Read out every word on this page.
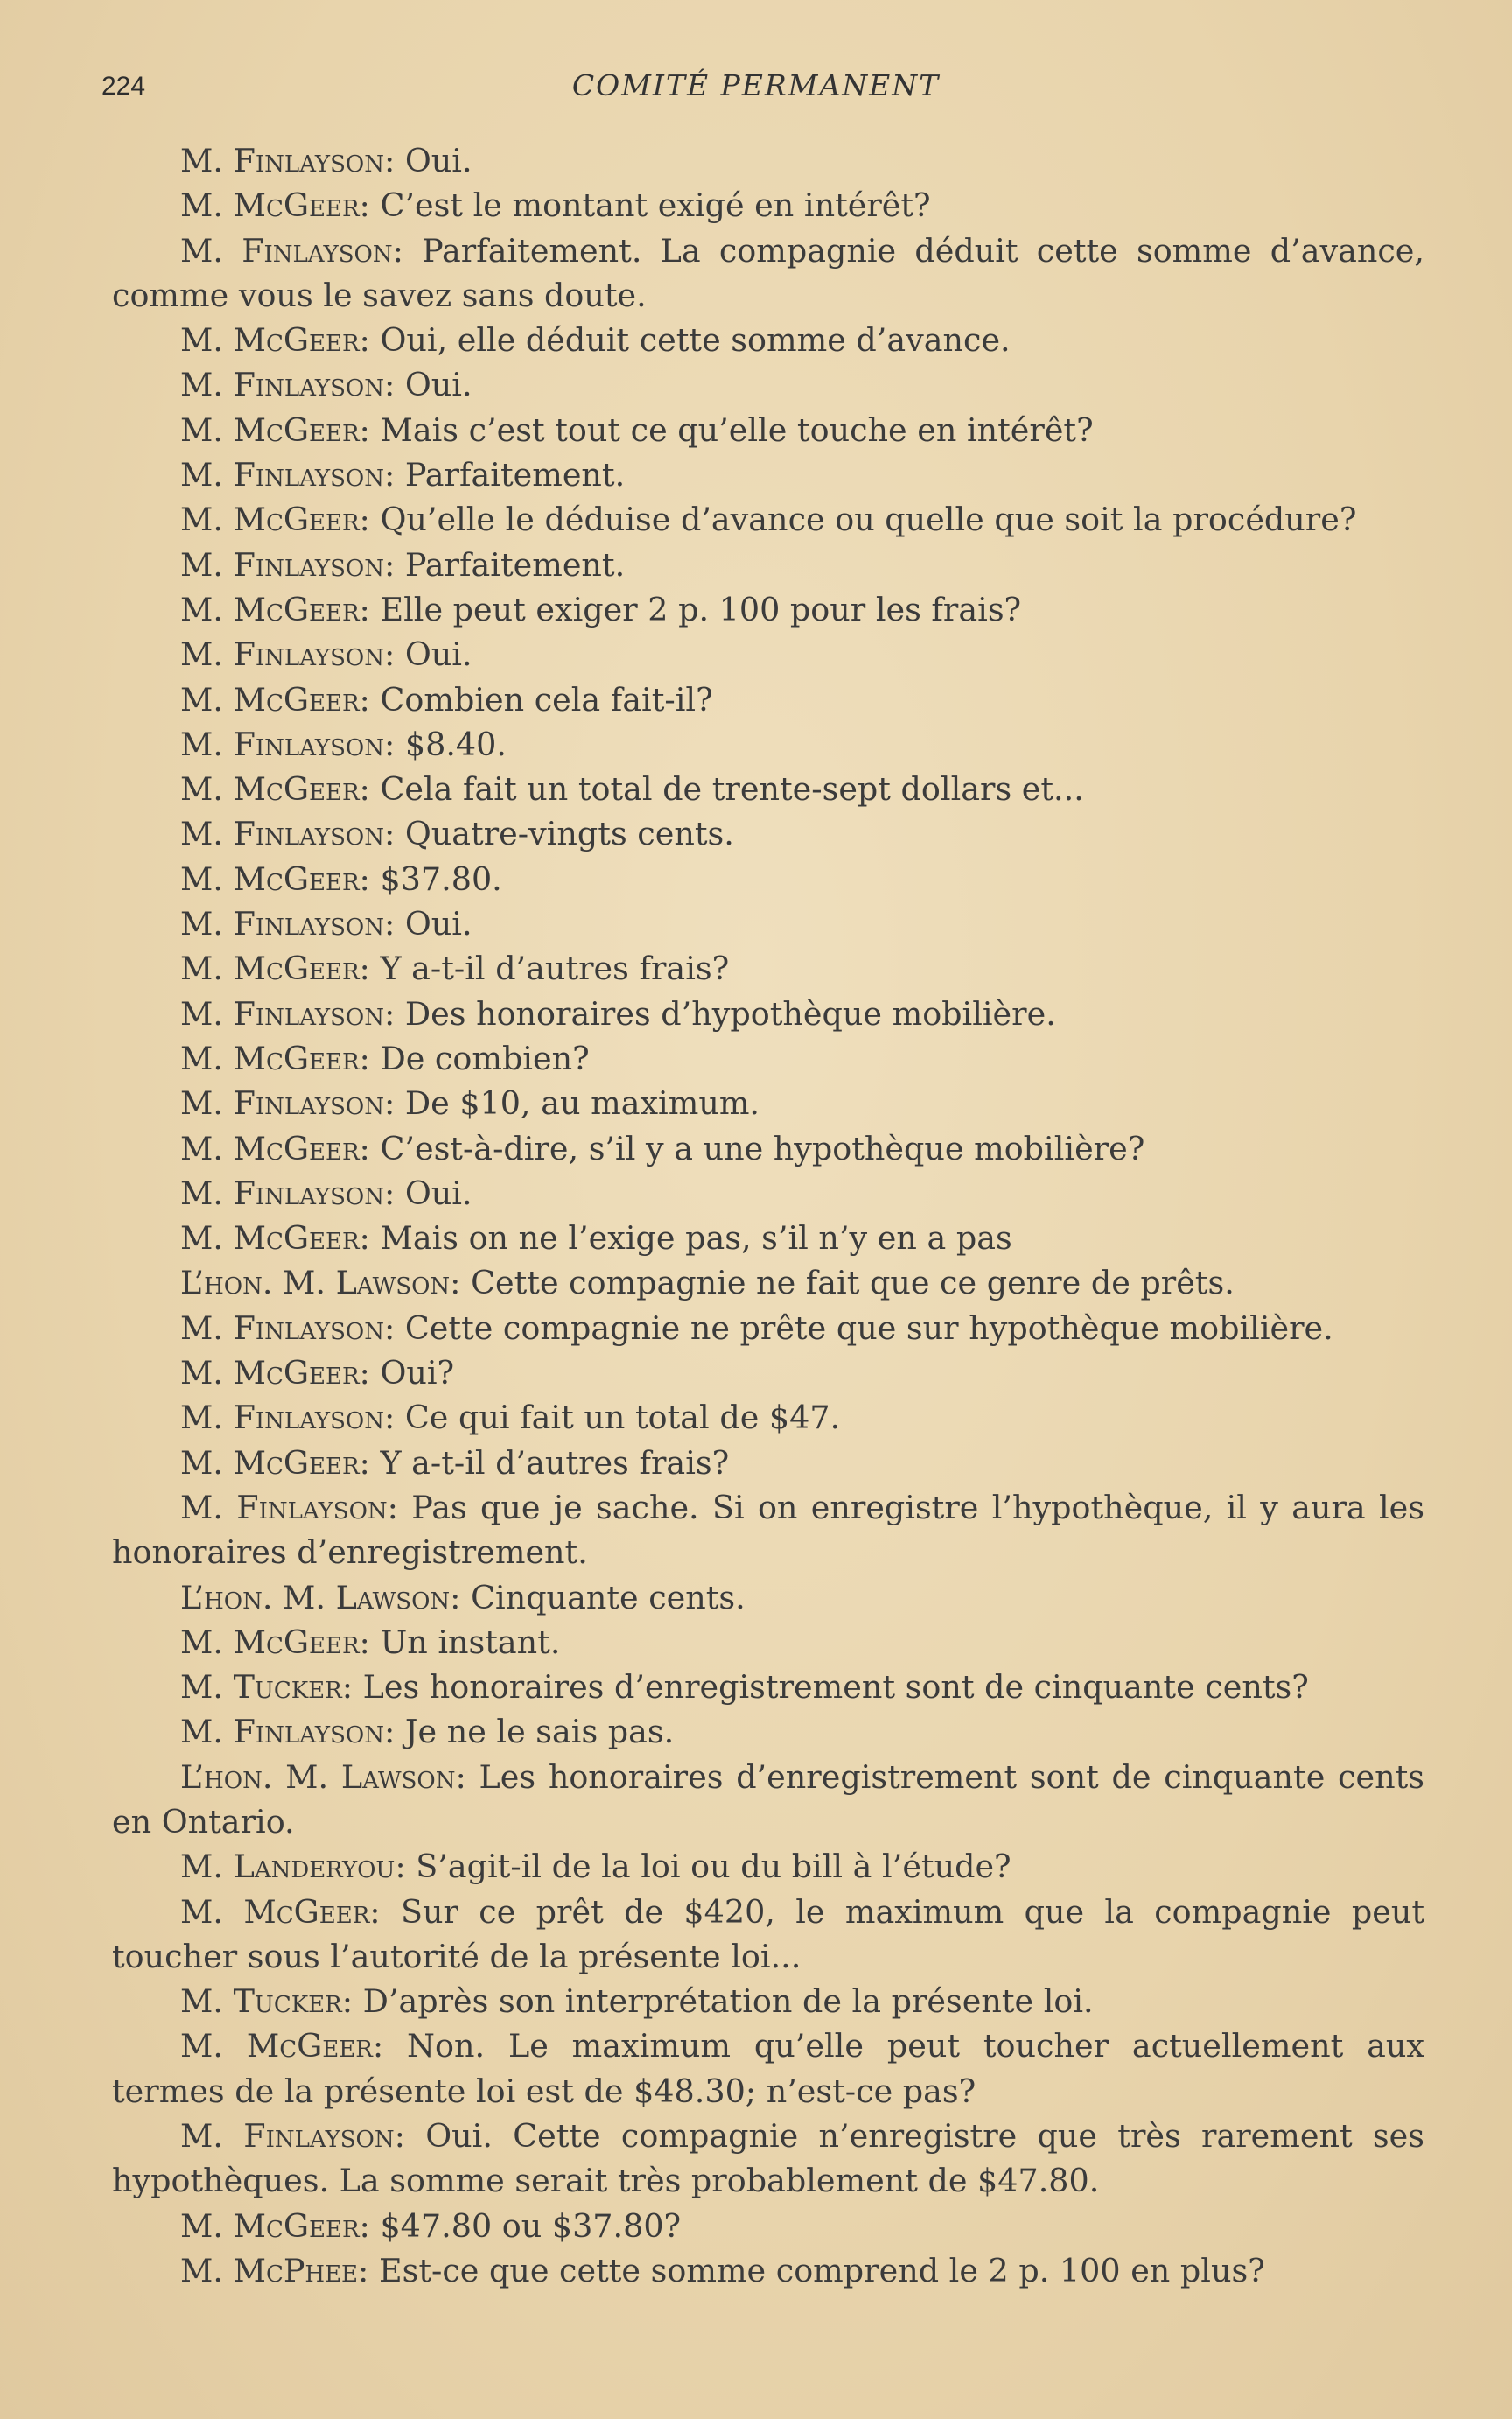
224	COMITÉ PERMANENT

M. Finlayson: Oui.

M. McGeer: C’est le montant exigé en intérêt?

M. Finlayson: Parfaitement. La compagnie déduit cette somme d’avance, comme vous le savez sans doute.

M. McGeer: Oui, elle déduit cette somme d’avance.

M. Finlayson: Oui.

M. McGeer: Mais c’est tout ce qu’elle touche en intérêt?

M. Finlayson: Parfaitement.

M. McGeer: Qu’elle le déduise d’avance ou quelle que soit la procédure?

M. Finlayson: Parfaitement.

M. McGeer: Elle peut exiger 2 p. 100 pour les frais?

M. Finlayson: Oui.

M. McGeer: Combien cela fait-il?

M. Finlayson: $8.40.

M. McGeer: Cela fait un total de trente-sept dollars et...

M. Finlayson: Quatre-vingts cents.

M. McGeer: $37.80.

M. Finlayson: Oui.

M. McGeer: Y a-t-il d’autres frais?

M. Finlayson: Des honoraires d’hypothèque mobilière.

M. McGeer: De combien?

M. Finlayson: De $10, au maximum.

M. McGeer: C’est-à-dire, s’il y a une hypothèque mobilière?

M. Finlayson: Oui.

M. McGeer: Mais on ne l’exige pas, s’il n’y en a pas

L’hon. M. Lawson: Cette compagnie ne fait que ce genre de prêts.

M. Finlayson: Cette compagnie ne prête que sur hypothèque mobilière.

M. McGeer: Oui?

M. Finlayson: Ce qui fait un total de $47.

M. McGeer: Y a-t-il d’autres frais?

M. Finlayson: Pas que je sache. Si on enregistre l’hypothèque, il y aura les honoraires d’enregistrement.

L’hon. M. Lawson: Cinquante cents.

M. McGeer: Un instant.

M. Tucker: Les honoraires d’enregistrement sont de cinquante cents?

M. Finlayson: Je ne le sais pas.

L’hon. M. Lawson: Les honoraires d’enregistrement sont de cinquante cents en Ontario.

M. Landeryou: S’agit-il de la loi ou du bill à l’étude?

M. McGeer: Sur ce prêt de $420, le maximum que la compagnie peut toucher sous l’autorité de la présente loi...

M. Tucker: D’après son interprétation de la présente loi.

M. McGeer: Non. Le maximum qu’elle peut toucher actuellement aux termes de la présente loi est de $48.30; n’est-ce pas?

M. Finlayson: Oui. Cette compagnie n’enregistre que très rarement ses hypothèques. La somme serait très probablement de $47.80.

M. McGeer: $47.80 ou $37.80?

M. McPhee: Est-ce que cette somme comprend le 2 p. 100 en plus?
